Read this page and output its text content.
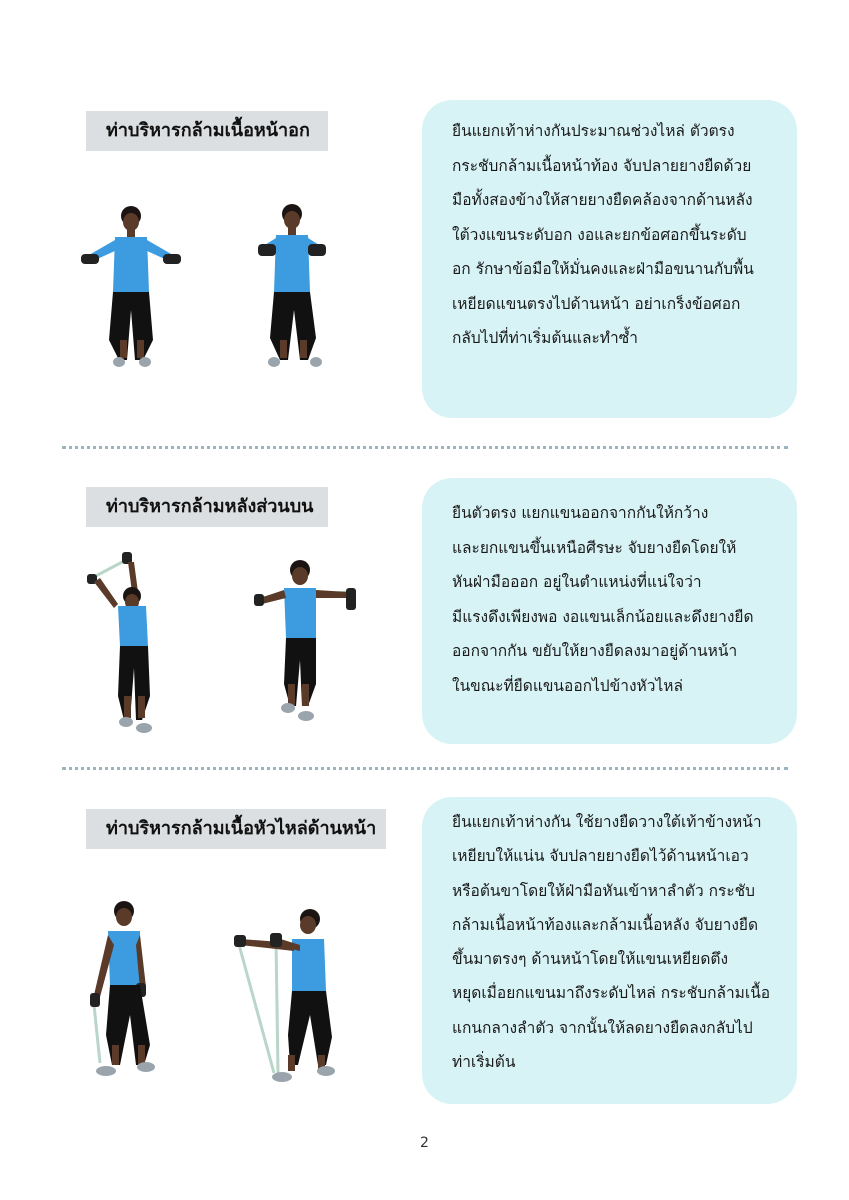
ท่าบริหารกล้ามเนื้อหน้าอก	ยืนแยกเท้าห่างกันประมาณช่วงไหล่ ตัวตรง
กระชับกล้ามเนื้อหน้าท้อง จับปลายยางยืดด้วย
มือทั้งสองข้างให้สายยางยืดคล้องจากด้านหลัง
ใต้วงแขนระดับอก งอและยกข้อศอกขึ้นระดับ
อก รักษาข้อมือให้มั่นคงและฝ่ามือขนานกับพื้น
เหยียดแขนตรงไปด้านหน้า อย่าเกร็งข้อศอก
กลับไปที่ท่าเริ่มต้นและทำซ้ำ
ท่าบริหารกล้ามหลังส่วนบน	ยืนตัวตรง แยกแขนออกจากกันให้กว้าง
และยกแขนขึ้นเหนือศีรษะ จับยางยืดโดยให้
หันฝ่ามือออก อยู่ในตำแหน่งที่แน่ใจว่า
มีแรงดึงเพียงพอ งอแขนเล็กน้อยและดึงยางยืด
ออกจากกัน ขยับให้ยางยืดลงมาอยู่ด้านหน้า
ในขณะที่ยืดแขนออกไปข้างหัวไหล่
ท่าบริหารกล้ามเนื้อหัวไหล่ด้านหน้า	ยืนแยกเท้าห่างกัน ใช้ยางยืดวางใต้เท้าข้างหน้า
เหยียบให้แน่น จับปลายยางยืดไว้ด้านหน้าเอว
หรือต้นขาโดยให้ฝ่ามือหันเข้าหาลำตัว กระชับ
กล้ามเนื้อหน้าท้องและกล้ามเนื้อหลัง จับยางยืด
ขึ้นมาตรงๆ ด้านหน้าโดยให้แขนเหยียดตึง
หยุดเมื่อยกแขนมาถึงระดับไหล่ กระชับกล้ามเนื้อ
แกนกลางลำตัว จากนั้นให้ลดยางยืดลงกลับไป
ท่าเริ่มต้น
2
